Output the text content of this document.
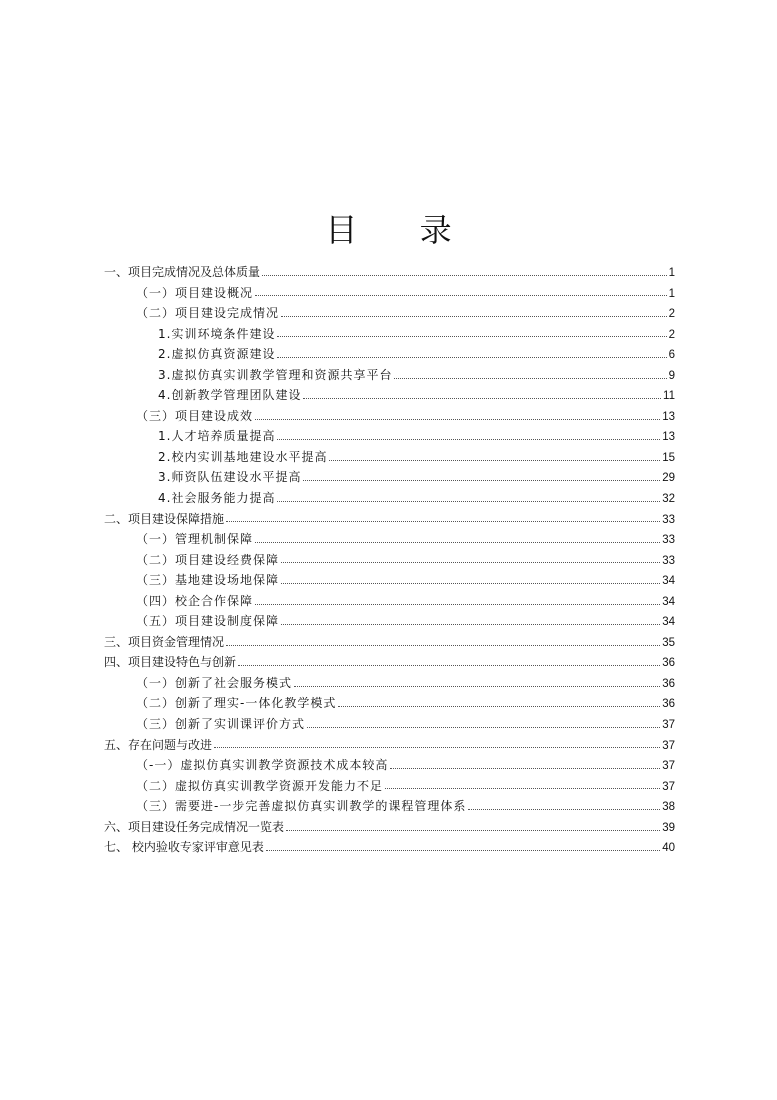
目 录
一、项目完成情况及总体质量	1
（一）项目建设概况	1
（二）项目建设完成情况	2
1.实训环境条件建设	2
2.虚拟仿真资源建设	6
3.虚拟仿真实训教学管理和资源共享平台	9
4.创新教学管理团队建设	11
（三）项目建设成效	13
1.人才培养质量提高	13
2.校内实训基地建设水平提高	15
3.师资队伍建设水平提高	29
4.社会服务能力提高	32
二、项目建设保障措施	33
（一）管理机制保障	33
（二）项目建设经费保障	33
（三）基地建设场地保障	34
（四）校企合作保障	34
（五）项目建设制度保障	34
三、项目资金管理情况	35
四、项目建设特色与创新	36
（一）创新了社会服务模式	36
（二）创新了理实-一体化教学模式	36
（三）创新了实训课评价方式	37
五、存在问题与改进	37
（-一）虚拟仿真实训教学资源技术成本较高	37
（二）虚拟仿真实训教学资源开发能力不足	37
（三）需要进-一步完善虚拟仿真实训教学的课程管理体系	38
六、项目建设任务完成情况一览表	39
七、 校内验收专家评审意见表	40
